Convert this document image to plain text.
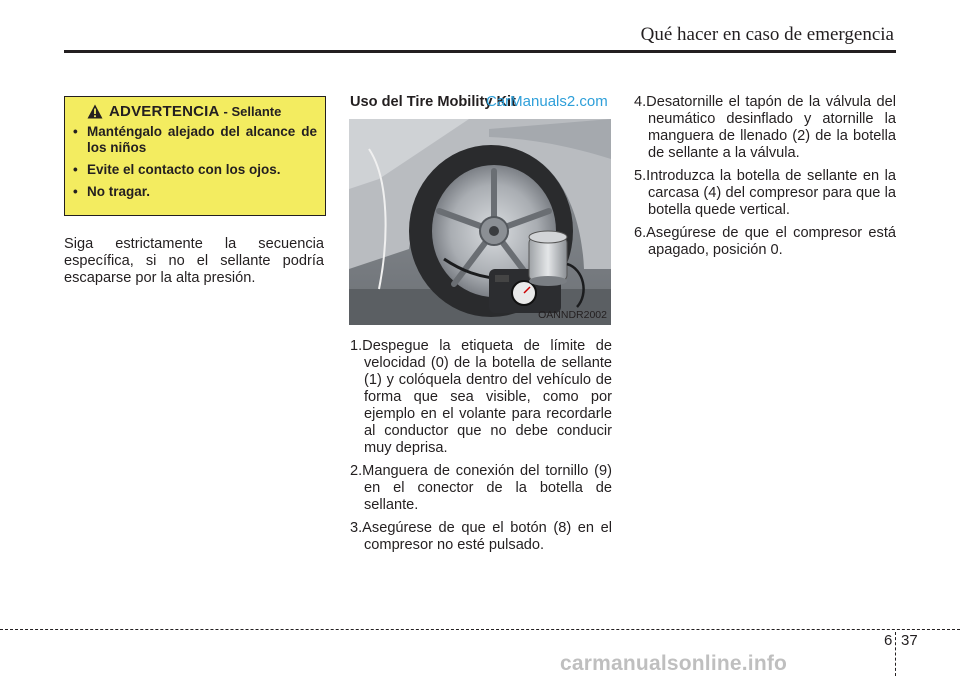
Qué hacer en caso de emergencia
ADVERTENCIA - Sellante
• Manténgalo alejado del alcance de los niños
• Evite el contacto con los ojos.
• No tragar.

Siga estrictamente la secuencia específica, si no el sellante podría escaparse por la alta presión.

Uso del Tire Mobility Kit
CarManuals2.com
OANNDR2002
1.Despegue la etiqueta de límite de velocidad (0) de la botella de sellante (1) y colóquela dentro del vehículo de forma que sea visible, como por ejemplo en el volante para recordarle al conductor que no debe conducir muy deprisa.
2.Manguera de conexión del tornillo (9) en el conector de la botella de sellante.
3.Asegúrese de que el botón (8) en el compresor no esté pulsado.
4.Desatornille el tapón de la válvula del neumático desinflado y atornille la manguera de llenado (2) de la botella de sellante a la válvula.
5.Introduzca la botella de sellante en la carcasa (4) del compresor para que la botella quede vertical.
6.Asegúrese de que el compresor está apagado, posición 0.
6 37
carmanualsonline.info
